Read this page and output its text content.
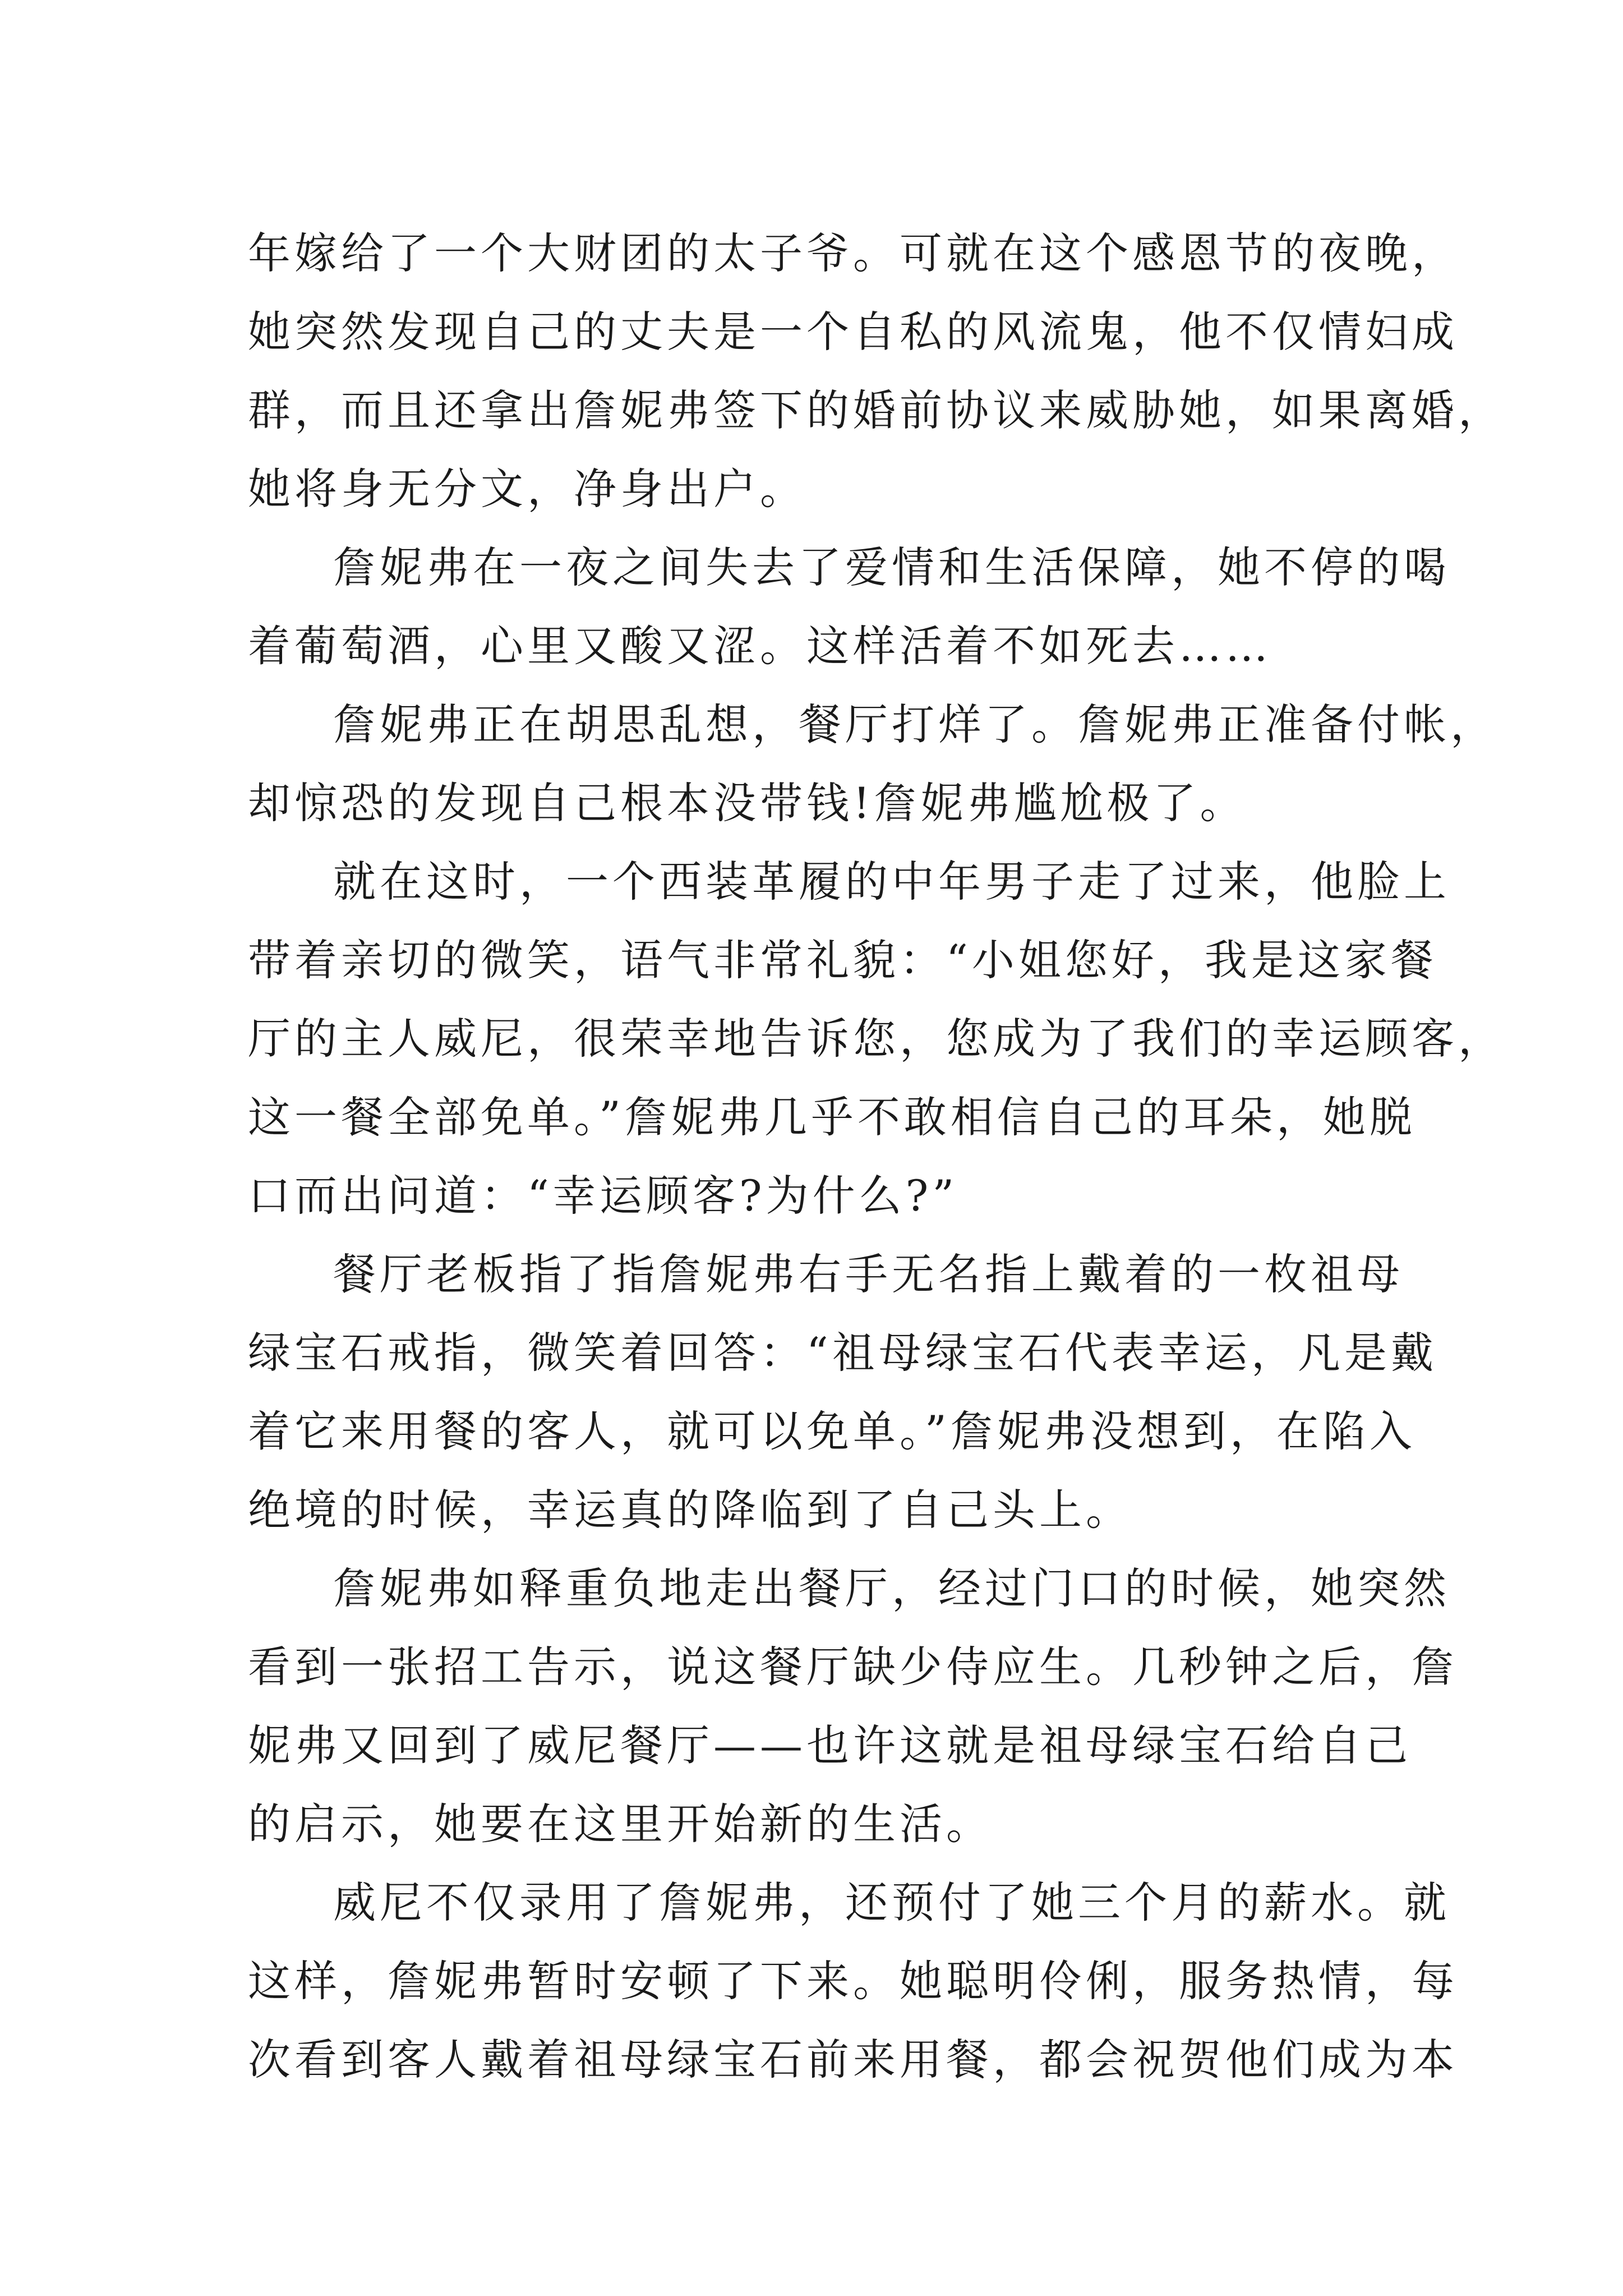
年嫁给了一个大财团的太子爷。可就在这个感恩节的夜晚，
她突然发现自己的丈夫是一个自私的风流鬼，他不仅情妇成
群，而且还拿出詹妮弗签下的婚前协议来威胁她，如果离婚，
她将身无分文，净身出户。
詹妮弗在一夜之间失去了爱情和生活保障，她不停的喝
着葡萄酒，心里又酸又涩。这样活着不如死去……
詹妮弗正在胡思乱想，餐厅打烊了。詹妮弗正准备付帐，
却惊恐的发现自己根本没带钱!詹妮弗尴尬极了。
就在这时，一个西装革履的中年男子走了过来，他脸上
带着亲切的微笑，语气非常礼貌：“小姐您好，我是这家餐
厅的主人威尼，很荣幸地告诉您，您成为了我们的幸运顾客，
这一餐全部免单。”詹妮弗几乎不敢相信自己的耳朵，她脱
口而出问道：“幸运顾客?为什么?”
餐厅老板指了指詹妮弗右手无名指上戴着的一枚祖母
绿宝石戒指，微笑着回答：“祖母绿宝石代表幸运，凡是戴
着它来用餐的客人，就可以免单。”詹妮弗没想到，在陷入
绝境的时候，幸运真的降临到了自己头上。
詹妮弗如释重负地走出餐厅，经过门口的时候，她突然
看到一张招工告示，说这餐厅缺少侍应生。几秒钟之后，詹
妮弗又回到了威尼餐厅——也许这就是祖母绿宝石给自己
的启示，她要在这里开始新的生活。
威尼不仅录用了詹妮弗，还预付了她三个月的薪水。就
这样，詹妮弗暂时安顿了下来。她聪明伶俐，服务热情，每
次看到客人戴着祖母绿宝石前来用餐，都会祝贺他们成为本
